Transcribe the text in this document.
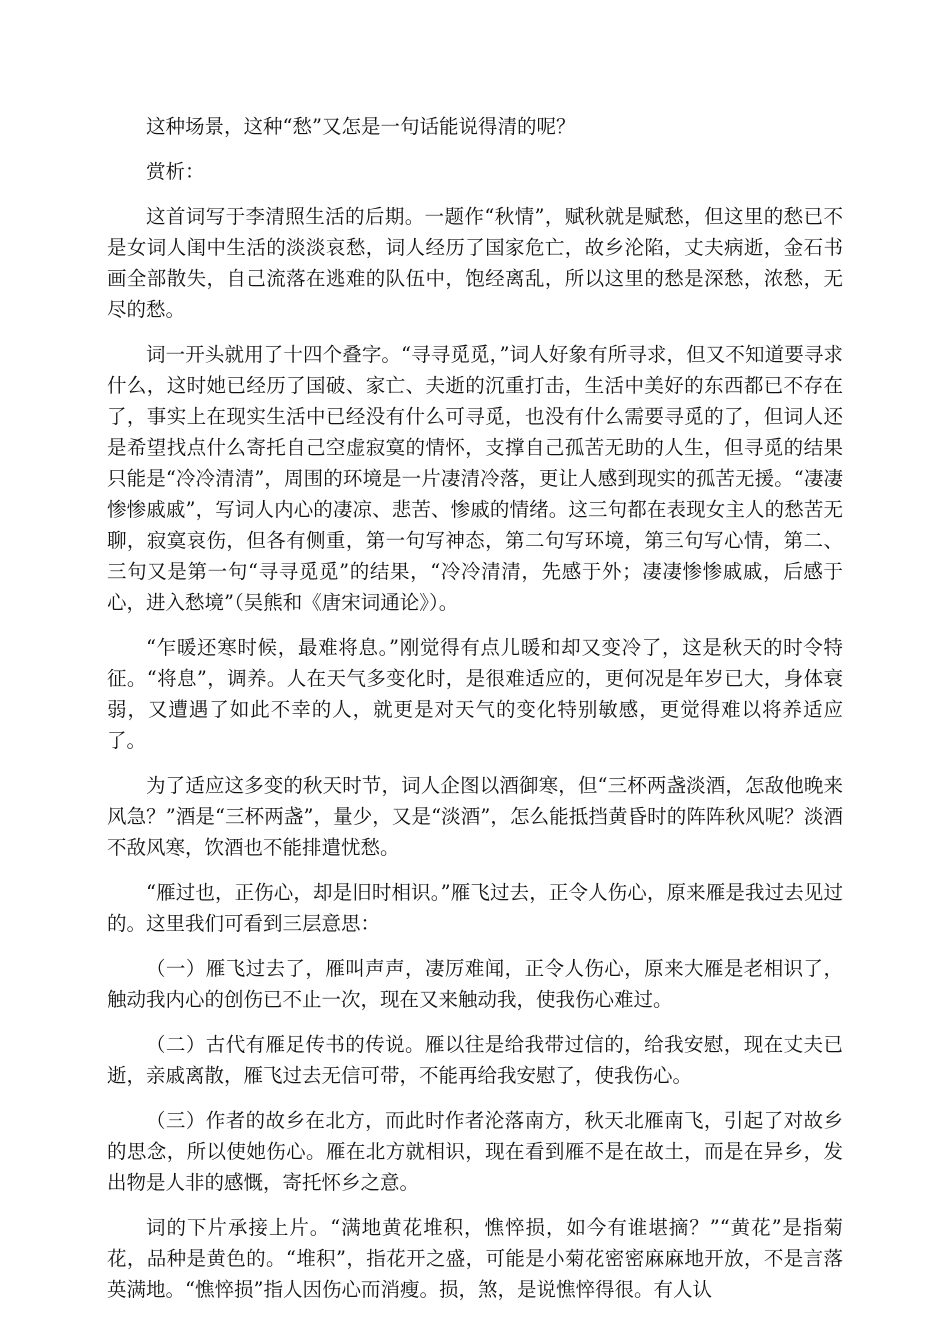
这种场景，这种“愁”又怎是一句话能说得清的呢？

赏析：

这首词写于李清照生活的后期。一题作“秋情”，赋秋就是赋愁，但这里的愁已不是女词人闺中生活的淡淡哀愁，词人经历了国家危亡，故乡沦陷，丈夫病逝，金石书画全部散失，自己流落在逃难的队伍中，饱经离乱，所以这里的愁是深愁，浓愁，无尽的愁。

词一开头就用了十四个叠字。“寻寻觅觅，”词人好象有所寻求，但又不知道要寻求什么，这时她已经历了国破、家亡、夫逝的沉重打击，生活中美好的东西都已不存在了，事实上在现实生活中已经没有什么可寻觅，也没有什么需要寻觅的了，但词人还是希望找点什么寄托自己空虚寂寞的情怀，支撑自己孤苦无助的人生，但寻觅的结果只能是“冷冷清清”，周围的环境是一片凄清冷落，更让人感到现实的孤苦无援。“凄凄惨惨戚戚”，写词人内心的凄凉、悲苦、惨戚的情绪。这三句都在表现女主人的愁苦无聊，寂寞哀伤，但各有侧重，第一句写神态，第二句写环境，第三句写心情，第二、三句又是第一句“寻寻觅觅”的结果，“冷冷清清，先感于外；凄凄惨惨戚戚，后感于心，进入愁境”（吴熊和《唐宋词通论》）。

“乍暖还寒时候，最难将息。”刚觉得有点儿暖和却又变冷了，这是秋天的时令特征。“将息”，调养。人在天气多变化时，是很难适应的，更何况是年岁已大，身体衰弱，又遭遇了如此不幸的人，就更是对天气的变化特别敏感，更觉得难以将养适应了。

为了适应这多变的秋天时节，词人企图以酒御寒，但“三杯两盏淡酒，怎敌他晚来风急？”酒是“三杯两盏”，量少，又是“淡酒”，怎么能抵挡黄昏时的阵阵秋风呢？淡酒不敌风寒，饮酒也不能排遣忧愁。

“雁过也，正伤心，却是旧时相识。”雁飞过去，正令人伤心，原来雁是我过去见过的。这里我们可看到三层意思：

（一）雁飞过去了，雁叫声声，凄厉难闻，正令人伤心，原来大雁是老相识了，触动我内心的创伤已不止一次，现在又来触动我，使我伤心难过。

（二）古代有雁足传书的传说。雁以往是给我带过信的，给我安慰，现在丈夫已逝，亲戚离散，雁飞过去无信可带，不能再给我安慰了，使我伤心。

（三）作者的故乡在北方，而此时作者沦落南方，秋天北雁南飞，引起了对故乡的思念，所以使她伤心。雁在北方就相识，现在看到雁不是在故土，而是在异乡，发出物是人非的感慨，寄托怀乡之意。

词的下片承接上片。“满地黄花堆积，憔悴损，如今有谁堪摘？”“黄花”是指菊花，品种是黄色的。“堆积”，指花开之盛，可能是小菊花密密麻麻地开放，不是言落英满地。“憔悴损”指人因伤心而消瘦。损，煞，是说憔悴得很。有人认
